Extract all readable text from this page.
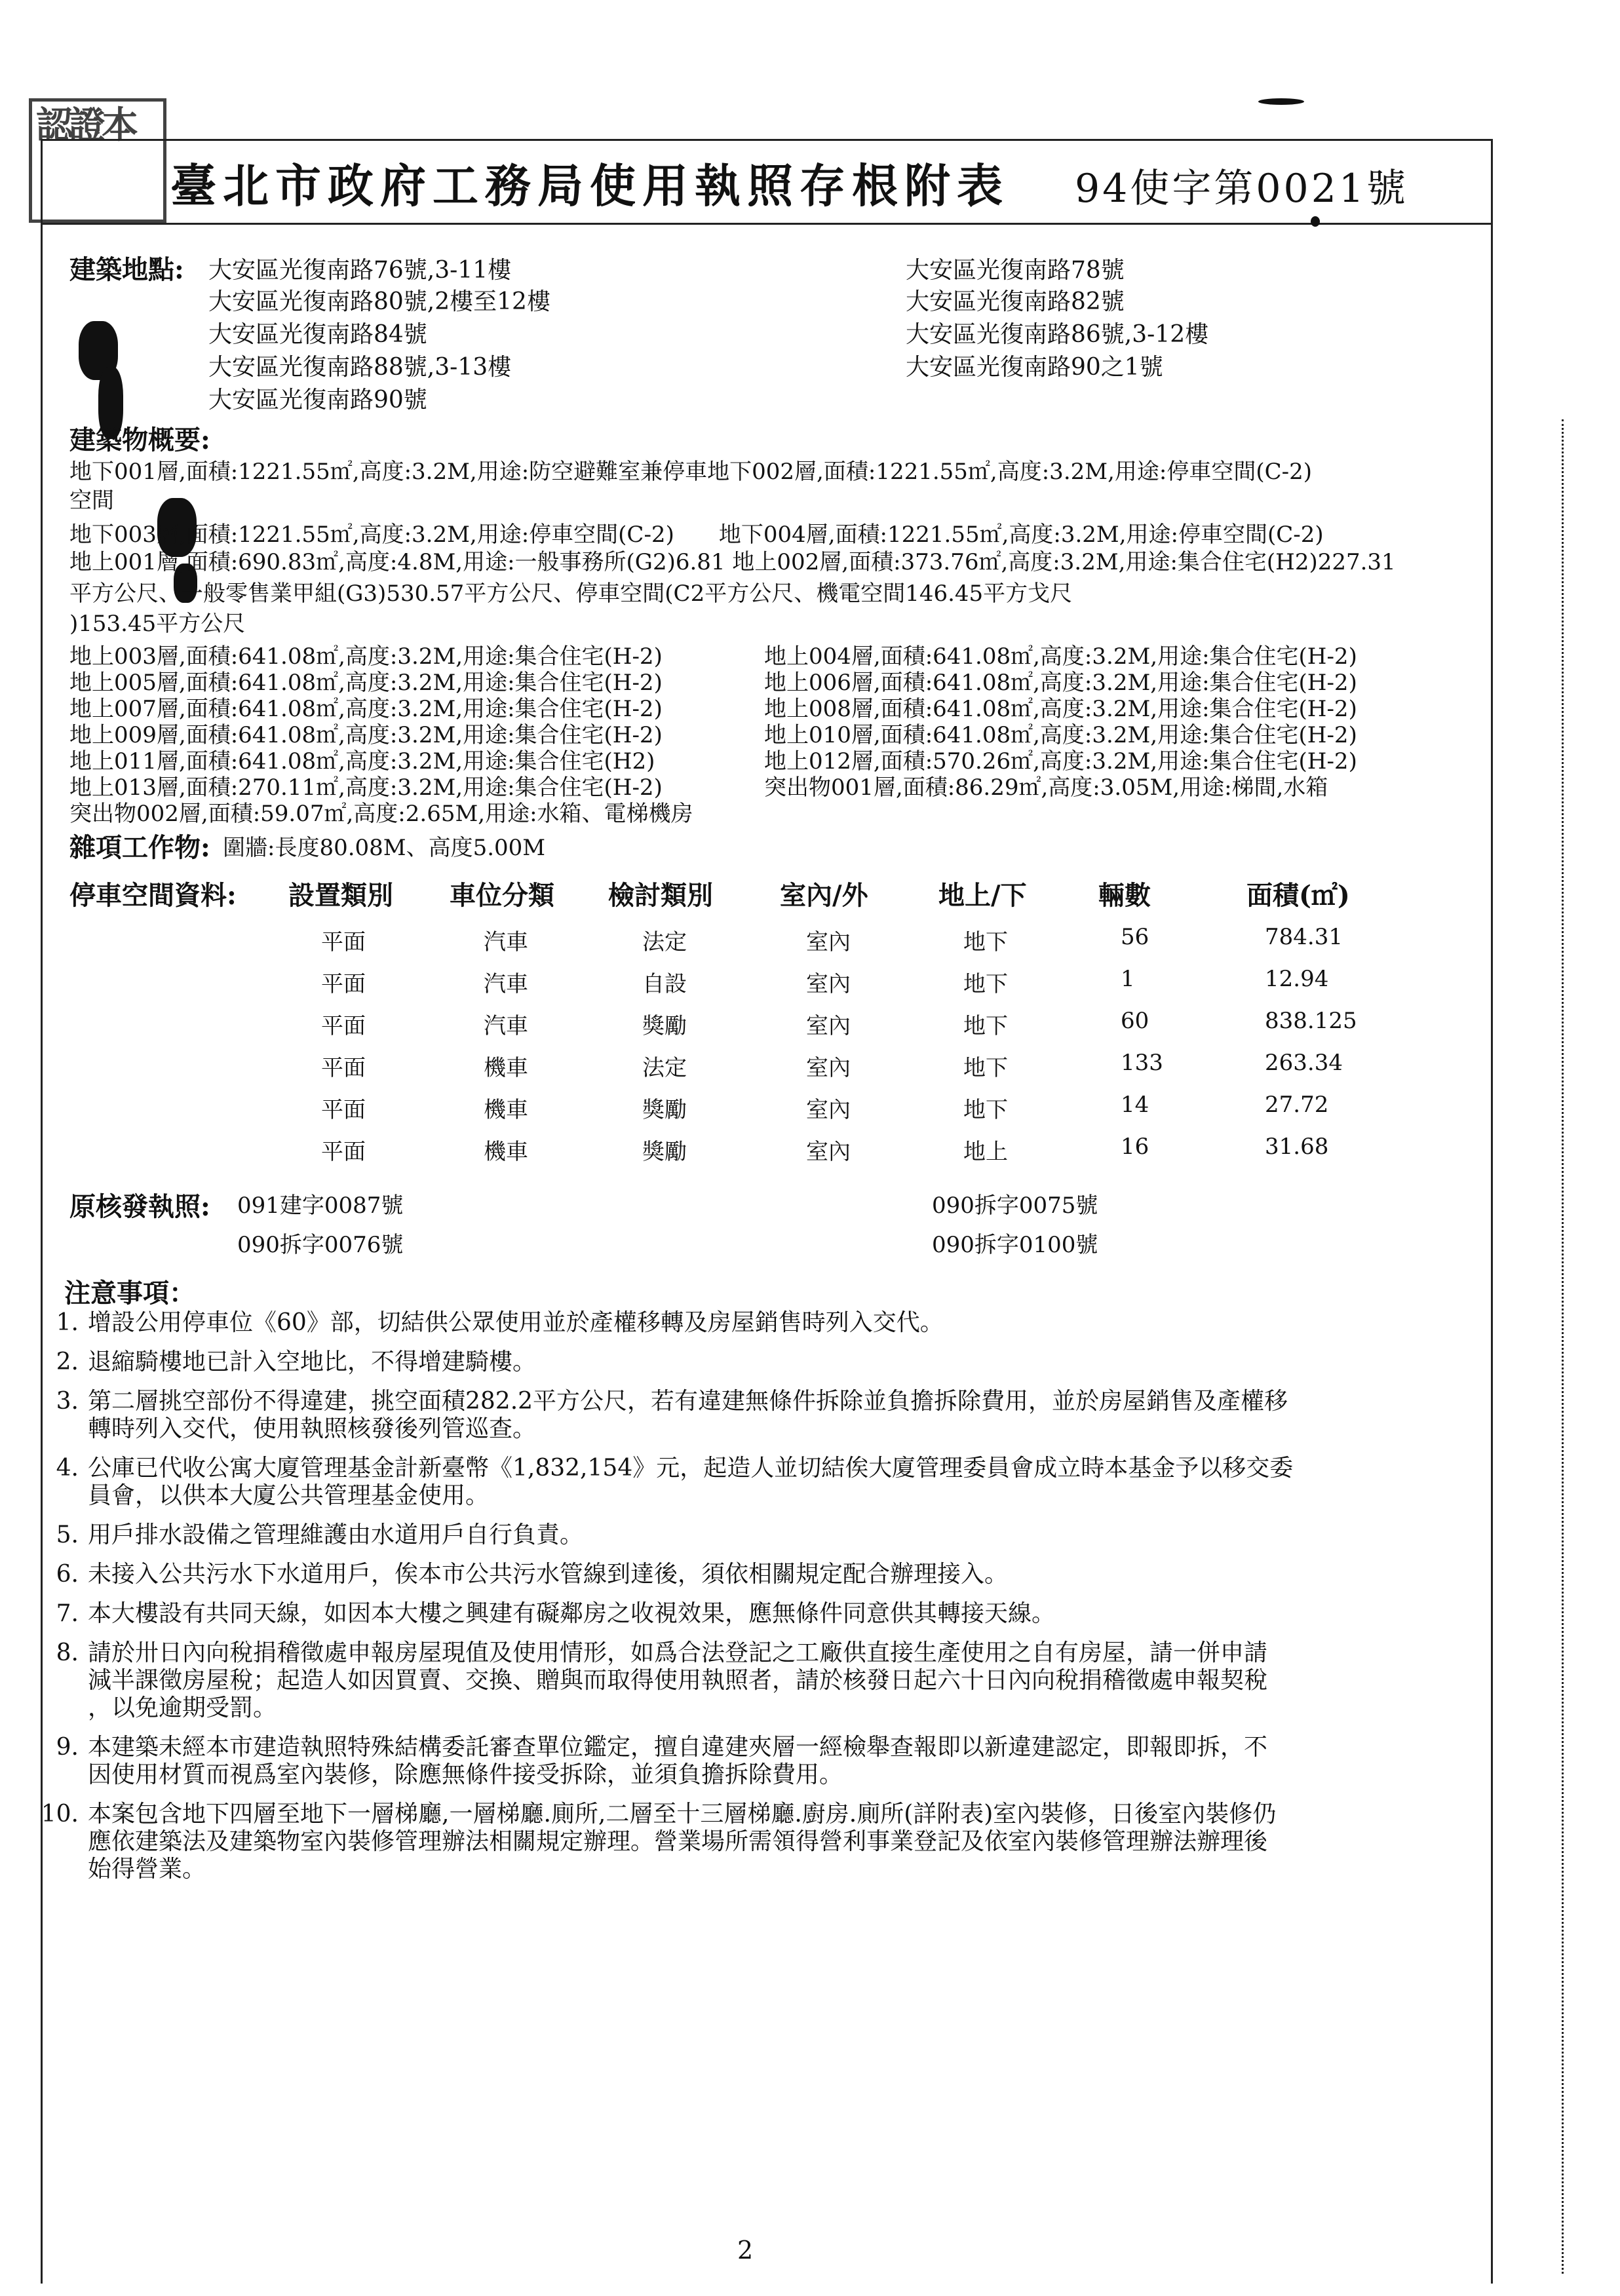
認證本
臺北市政府工務局使用執照存根附表 94使字第0021號
建築地點: 大安區光復南路76號,3-11樓
大安區光復南路80號,2樓至12樓
大安區光復南路84號
大安區光復南路88號,3-13樓
大安區光復南路90號
大安區光復南路78號
大安區光復南路82號
大安區光復南路86號,3-12樓
大安區光復南路90之1號
建築物概要:
地下001層,面積:1221.55㎡,高度:3.2M,用途:防空避難室兼停車地下002層,面積:1221.55㎡,高度:3.2M,用途:停車空間(C-2)
空間
地下003層,面積:1221.55㎡,高度:3.2M,用途:停車空間(C-2)　　地下004層,面積:1221.55㎡,高度:3.2M,用途:停車空間(C-2)
地上001層,面積:690.83㎡,高度:4.8M,用途:一般事務所(G2)6.81 地上002層,面積:373.76㎡,高度:3.2M,用途:集合住宅(H2)227.31
平方公尺、一般零售業甲組(G3)530.57平方公尺、停車空間(C2平方公尺、機電空間146.45平方戈尺
)153.45平方公尺
地上003層,面積:641.08㎡,高度:3.2M,用途:集合住宅(H-2)
地上005層,面積:641.08㎡,高度:3.2M,用途:集合住宅(H-2)
地上007層,面積:641.08㎡,高度:3.2M,用途:集合住宅(H-2)
地上009層,面積:641.08㎡,高度:3.2M,用途:集合住宅(H-2)
地上011層,面積:641.08㎡,高度:3.2M,用途:集合住宅(H2)
地上013層,面積:270.11㎡,高度:3.2M,用途:集合住宅(H-2)
突出物002層,面積:59.07㎡,高度:2.65M,用途:水箱、電梯機房
地上004層,面積:641.08㎡,高度:3.2M,用途:集合住宅(H-2)
地上006層,面積:641.08㎡,高度:3.2M,用途:集合住宅(H-2)
地上008層,面積:641.08㎡,高度:3.2M,用途:集合住宅(H-2)
地上010層,面積:641.08㎡,高度:3.2M,用途:集合住宅(H-2)
地上012層,面積:570.26㎡,高度:3.2M,用途:集合住宅(H-2)
突出物001層,面積:86.29㎡,高度:3.05M,用途:梯間,水箱
雜項工作物: 圍牆:長度80.08M、高度5.00M
停車空間資料: 設置類別 車位分類 檢討類別	室內/外	地上/下	輛數	面積(㎡)
平面	汽車	法定	室內	地下	56	784.31
平面	汽車	自設	室內	地下	1	12.94
平面	汽車	獎勵	室內	地下	60	838.125
平面	機車	法定	室內	地下	133	263.34
平面	機車	獎勵	室內	地下	14	27.72
平面	機車	獎勵	室內	地上	16	31.68
原核發執照: 091建字0087號	090拆字0075號
090拆字0076號	090拆字0100號
注意事項：
1. 增設公用停車位《60》部，切結供公眾使用並於產權移轉及房屋銷售時列入交代。
2. 退縮騎樓地已計入空地比，不得增建騎樓。
3. 第二層挑空部份不得違建，挑空面積282.2平方公尺，若有違建無條件拆除並負擔拆除費用，並於房屋銷售及產權移
轉時列入交代，使用執照核發後列管巡查。
4. 公庫已代收公寓大廈管理基金計新臺幣《1,832,154》元，起造人並切結俟大廈管理委員會成立時本基金予以移交委
員會，以供本大廈公共管理基金使用。
5. 用戶排水設備之管理維護由水道用戶自行負責。
6. 未接入公共污水下水道用戶，俟本市公共污水管線到達後，須依相關規定配合辦理接入。
7. 本大樓設有共同天線，如因本大樓之興建有礙鄰房之收視效果，應無條件同意供其轉接天線。
8. 請於卅日內向稅捐稽徵處申報房屋現值及使用情形，如爲合法登記之工廠供直接生產使用之自有房屋，請一併申請
減半課徵房屋稅；起造人如因買賣、交換、贈與而取得使用執照者，請於核發日起六十日內向稅捐稽徵處申報契稅
，以免逾期受罰。
9. 本建築未經本市建造執照特殊結構委託審查單位鑑定，擅自違建夾層一經檢舉查報即以新違建認定，即報即拆，不
因使用材質而視爲室內裝修，除應無條件接受拆除，並須負擔拆除費用。
10. 本案包含地下四層至地下一層梯廳,一層梯廳.廁所,二層至十三層梯廳.廚房.廁所(詳附表)室內裝修，日後室內裝修仍
應依建築法及建築物室內裝修管理辦法相關規定辦理。營業場所需領得營利事業登記及依室內裝修管理辦法辦理後
始得營業。
2
